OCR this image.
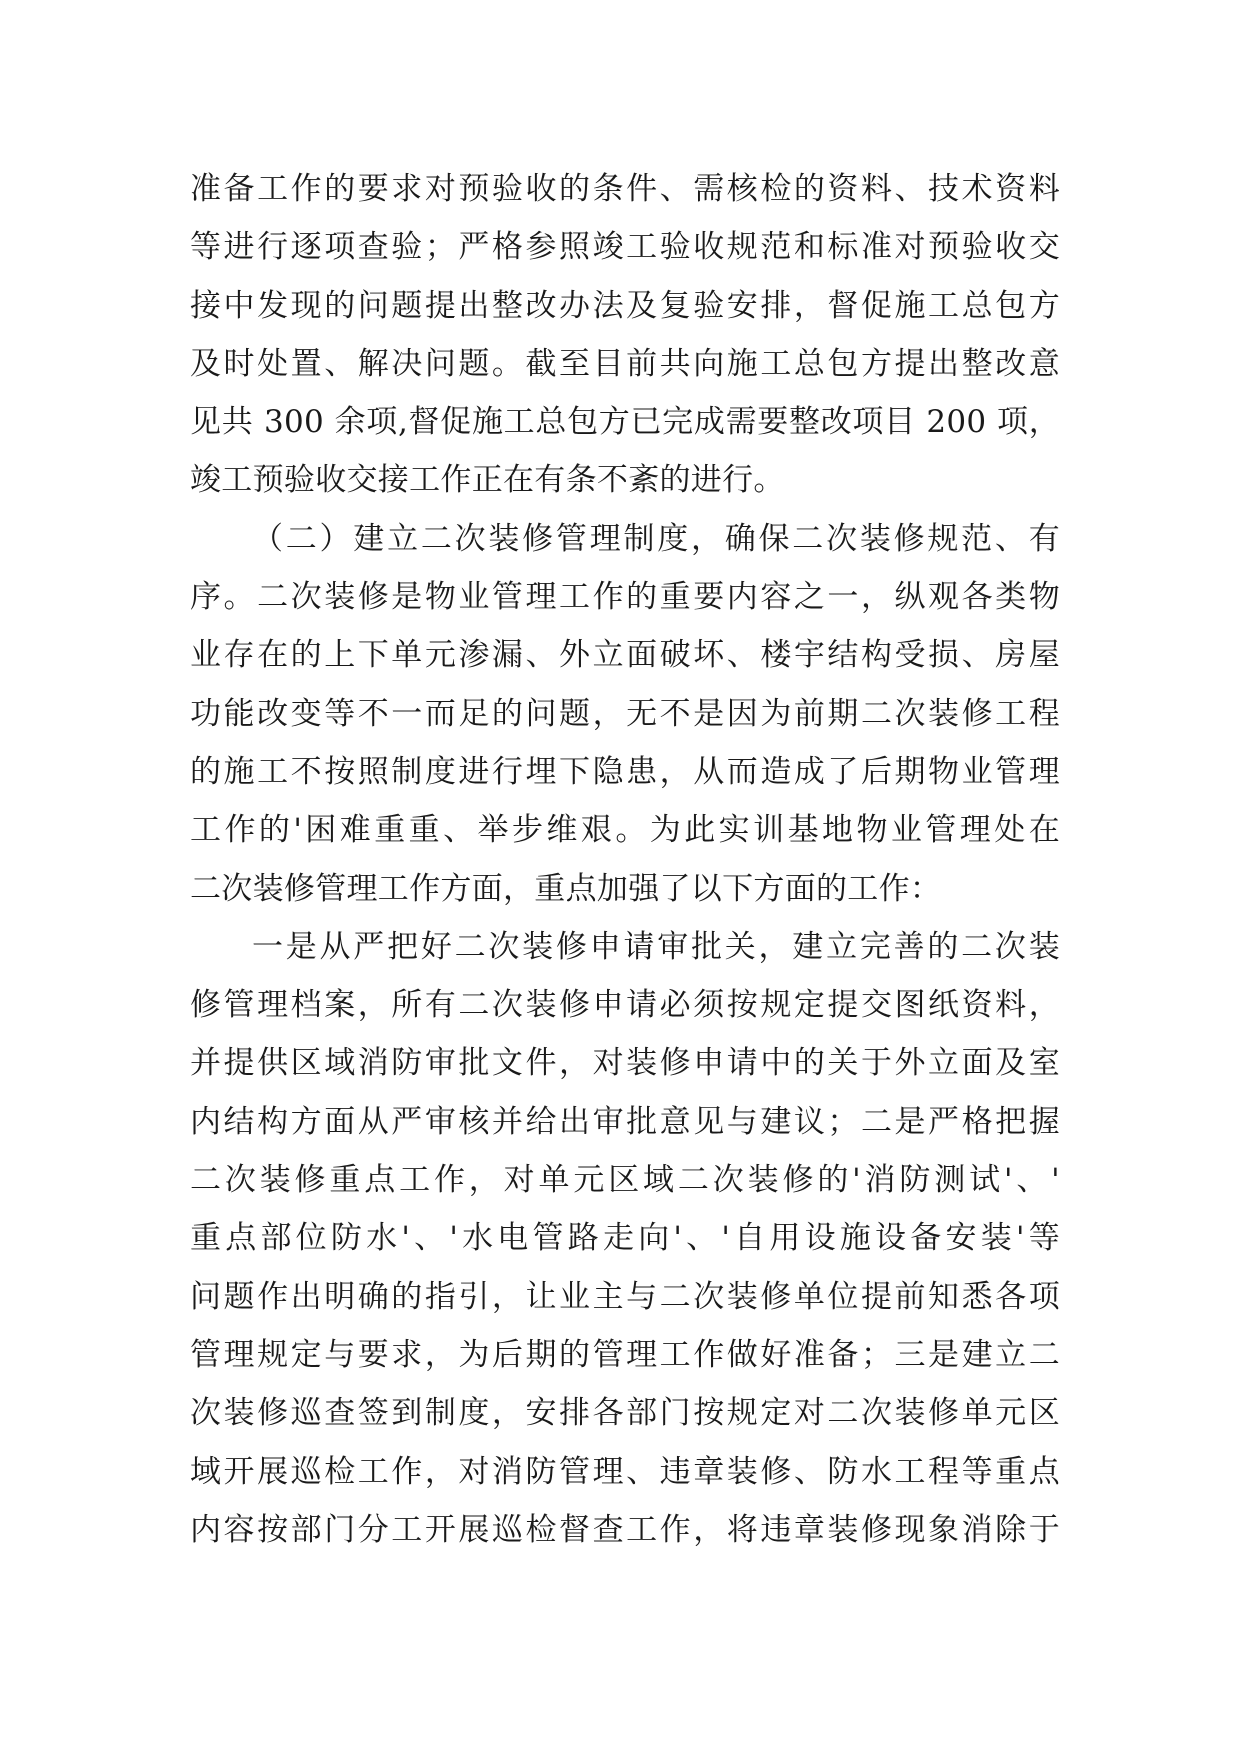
准备工作的要求对预验收的条件、需核检的资料、技术资料
等进行逐项查验；严格参照竣工验收规范和标准对预验收交
接中发现的问题提出整改办法及复验安排，督促施工总包方
及时处置、解决问题。截至目前共向施工总包方提出整改意
见共 300 余项,督促施工总包方已完成需要整改项目 200 项，
竣工预验收交接工作正在有条不紊的进行。
（二）建立二次装修管理制度，确保二次装修规范、有
序。二次装修是物业管理工作的重要内容之一，纵观各类物
业存在的上下单元渗漏、外立面破坏、楼宇结构受损、房屋
功能改变等不一而足的问题，无不是因为前期二次装修工程
的施工不按照制度进行埋下隐患，从而造成了后期物业管理
工作的'困难重重、举步维艰。为此实训基地物业管理处在
二次装修管理工作方面，重点加强了以下方面的工作：
一是从严把好二次装修申请审批关，建立完善的二次装
修管理档案，所有二次装修申请必须按规定提交图纸资料，
并提供区域消防审批文件，对装修申请中的关于外立面及室
内结构方面从严审核并给出审批意见与建议；二是严格把握
二次装修重点工作，对单元区域二次装修的'消防测试'、'
重点部位防水'、'水电管路走向'、'自用设施设备安装'等
问题作出明确的指引，让业主与二次装修单位提前知悉各项
管理规定与要求，为后期的管理工作做好准备；三是建立二
次装修巡查签到制度，安排各部门按规定对二次装修单元区
域开展巡检工作，对消防管理、违章装修、防水工程等重点
内容按部门分工开展巡检督查工作，将违章装修现象消除于
